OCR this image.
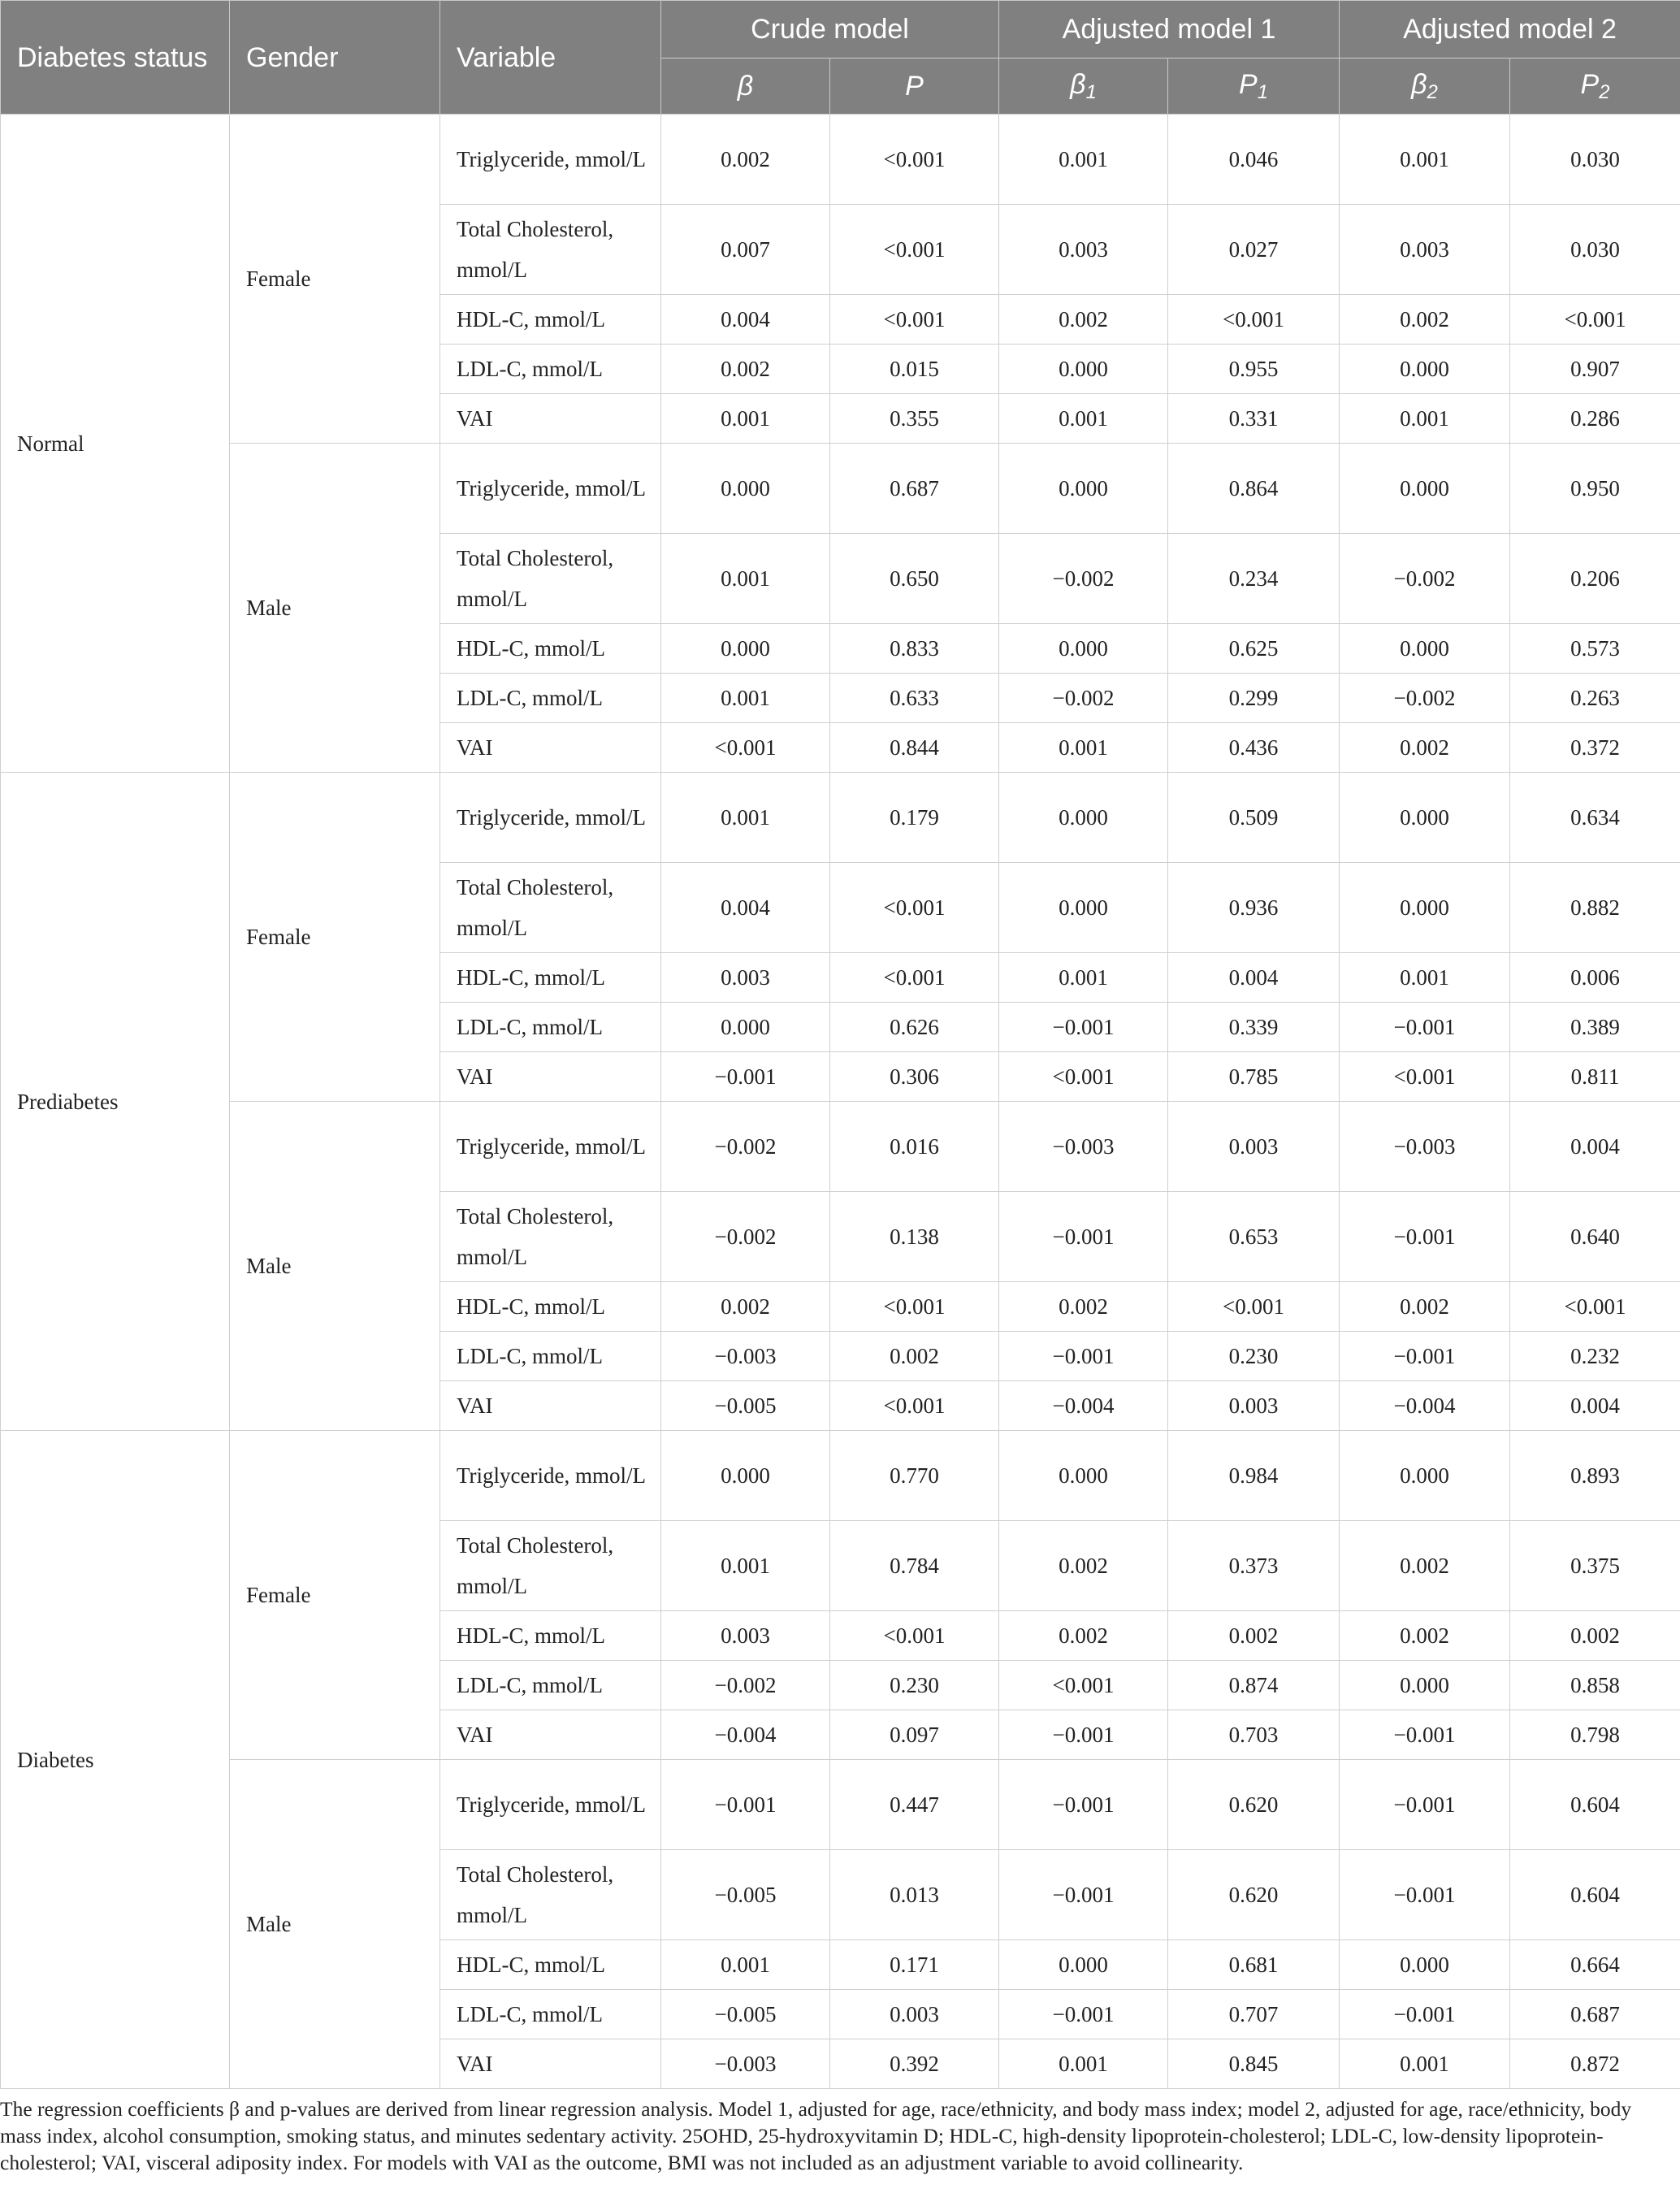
Diabetes status	Gender	Variable	Crude model		Adjusted model 1		Adjusted model 2	
			β	P	$\beta_1$	$P_1$	$\beta_2$	$P_2$
Normal	Female	Triglyceride, mmol/L	0.002	<0.001	0.001	0.046	0.001	0.030
		Total Cholesterol, mmol/L	0.007	<0.001	0.003	0.027	0.003	0.030
		HDL-C, mmol/L	0.004	<0.001	0.002	<0.001	0.002	<0.001
		LDL-C, mmol/L	0.002	0.015	0.000	0.955	0.000	0.907
		VAI	0.001	0.355	0.001	0.331	0.001	0.286
	Male	Triglyceride, mmol/L	0.000	0.687	0.000	0.864	0.000	0.950
		Total Cholesterol, mmol/L	0.001	0.650	−0.002	0.234	−0.002	0.206
		HDL-C, mmol/L	0.000	0.833	0.000	0.625	0.000	0.573
		LDL-C, mmol/L	0.001	0.633	−0.002	0.299	−0.002	0.263
		VAI	<0.001	0.844	0.001	0.436	0.002	0.372
Prediabetes	Female	Triglyceride, mmol/L	0.001	0.179	0.000	0.509	0.000	0.634
		Total Cholesterol, mmol/L	0.004	<0.001	0.000	0.936	0.000	0.882
		HDL-C, mmol/L	0.003	<0.001	0.001	0.004	0.001	0.006
		LDL-C, mmol/L	0.000	0.626	−0.001	0.339	−0.001	0.389
		VAI	−0.001	0.306	<0.001	0.785	<0.001	0.811
	Male	Triglyceride, mmol/L	−0.002	0.016	−0.003	0.003	−0.003	0.004
		Total Cholesterol, mmol/L	−0.002	0.138	−0.001	0.653	−0.001	0.640
		HDL-C, mmol/L	0.002	<0.001	0.002	<0.001	0.002	<0.001
		LDL-C, mmol/L	−0.003	0.002	−0.001	0.230	−0.001	0.232
		VAI	−0.005	<0.001	−0.004	0.003	−0.004	0.004
Diabetes	Female	Triglyceride, mmol/L	0.000	0.770	0.000	0.984	0.000	0.893
		Total Cholesterol, mmol/L	0.001	0.784	0.002	0.373	0.002	0.375
		HDL-C, mmol/L	0.003	<0.001	0.002	0.002	0.002	0.002
		LDL-C, mmol/L	−0.002	0.230	<0.001	0.874	0.000	0.858
		VAI	−0.004	0.097	−0.001	0.703	−0.001	0.798
	Male	Triglyceride, mmol/L	−0.001	0.447	−0.001	0.620	−0.001	0.604
		Total Cholesterol, mmol/L	−0.005	0.013	−0.001	0.620	−0.001	0.604
		HDL-C, mmol/L	0.001	0.171	0.000	0.681	0.000	0.664
		LDL-C, mmol/L	−0.005	0.003	−0.001	0.707	−0.001	0.687
		VAI	−0.003	0.392	0.001	0.845	0.001	0.872
The regression coefficients β and p-values are derived from linear regression analysis. Model 1, adjusted for age, race/ethnicity, and body mass index; model 2, adjusted for age, race/ethnicity, body mass index, alcohol consumption, smoking status, and minutes sedentary activity. 25OHD, 25-hydroxyvitamin D; HDL-C, high-density lipoprotein-cholesterol; LDL-C, low-density lipoprotein-cholesterol; VAI, visceral adiposity index. For models with VAI as the outcome, BMI was not included as an adjustment variable to avoid collinearity.
